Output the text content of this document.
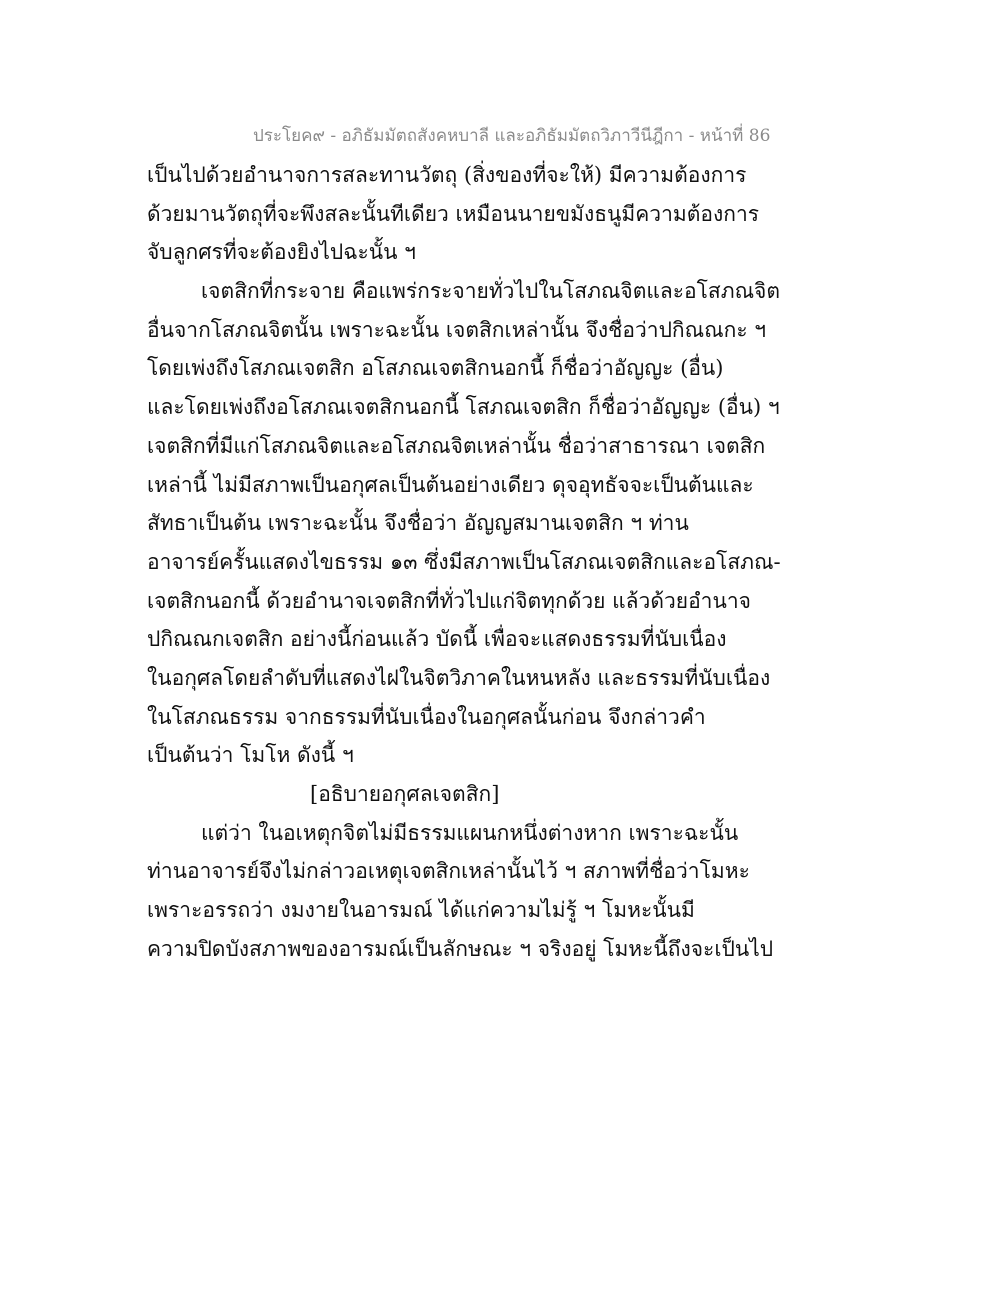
ประโยค๙ - อภิธัมมัตถสังคหบาลี และอภิธัมมัตถวิภาวีนีฎีกา - หน้าที่ 86
เป็นไปด้วยอำนาจการสละทานวัตถุ (สิ่งของที่จะให้) มีความต้องการ
ด้วยมานวัตถุที่จะพึงสละนั้นทีเดียว เหมือนนายขมังธนูมีความต้องการ
จับลูกศรที่จะต้องยิงไปฉะนั้น ฯ
เจตสิกที่กระจาย คือแพร่กระจายทั่วไปในโสภณจิตและอโสภณจิต
อื่นจากโสภณจิตนั้น เพราะฉะนั้น เจตสิกเหล่านั้น จึงชื่อว่าปกิณณกะ ฯ
โดยเพ่งถึงโสภณเจตสิก อโสภณเจตสิกนอกนี้ ก็ชื่อว่าอัญญะ (อื่น)
และโดยเพ่งถึงอโสภณเจตสิกนอกนี้ โสภณเจตสิก ก็ชื่อว่าอัญญะ (อื่น) ฯ
เจตสิกที่มีแก่โสภณจิตและอโสภณจิตเหล่านั้น ชื่อว่าสาธารณา เจตสิก
เหล่านี้ ไม่มีสภาพเป็นอกุศลเป็นต้นอย่างเดียว ดุจอุทธัจจะเป็นต้นและ
สัทธาเป็นต้น เพราะฉะนั้น จึงชื่อว่า อัญญสมานเจตสิก ฯ ท่าน
อาจารย์ครั้นแสดงไขธรรม ๑๓ ซึ่งมีสภาพเป็นโสภณเจตสิกและอโสภณ-
เจตสิกนอกนี้ ด้วยอำนาจเจตสิกที่ทั่วไปแก่จิตทุกด้วย แล้วด้วยอำนาจ
ปกิณณกเจตสิก อย่างนี้ก่อนแล้ว บัดนี้ เพื่อจะแสดงธรรมที่นับเนื่อง
ในอกุศลโดยลำดับที่แสดงไฝในจิตวิภาคในหนหลัง และธรรมที่นับเนื่อง
ในโสภณธรรม จากธรรมที่นับเนื่องในอกุศลนั้นก่อน จึงกล่าวคำ
เป็นต้นว่า โมโห ดังนี้ ฯ
[อธิบายอกุศลเจตสิก]
แต่ว่า ในอเหตุกจิตไม่มีธรรมแผนกหนึ่งต่างหาก เพราะฉะนั้น
ท่านอาจารย์จึงไม่กล่าวอเหตุเจตสิกเหล่านั้นไว้ ฯ สภาพที่ชื่อว่าโมหะ
เพราะอรรถว่า งมงายในอารมณ์ ได้แก่ความไม่รู้ ฯ โมหะนั้นมี
ความปิดบังสภาพของอารมณ์เป็นลักษณะ ฯ จริงอยู่ โมหะนี้ถึงจะเป็นไป
